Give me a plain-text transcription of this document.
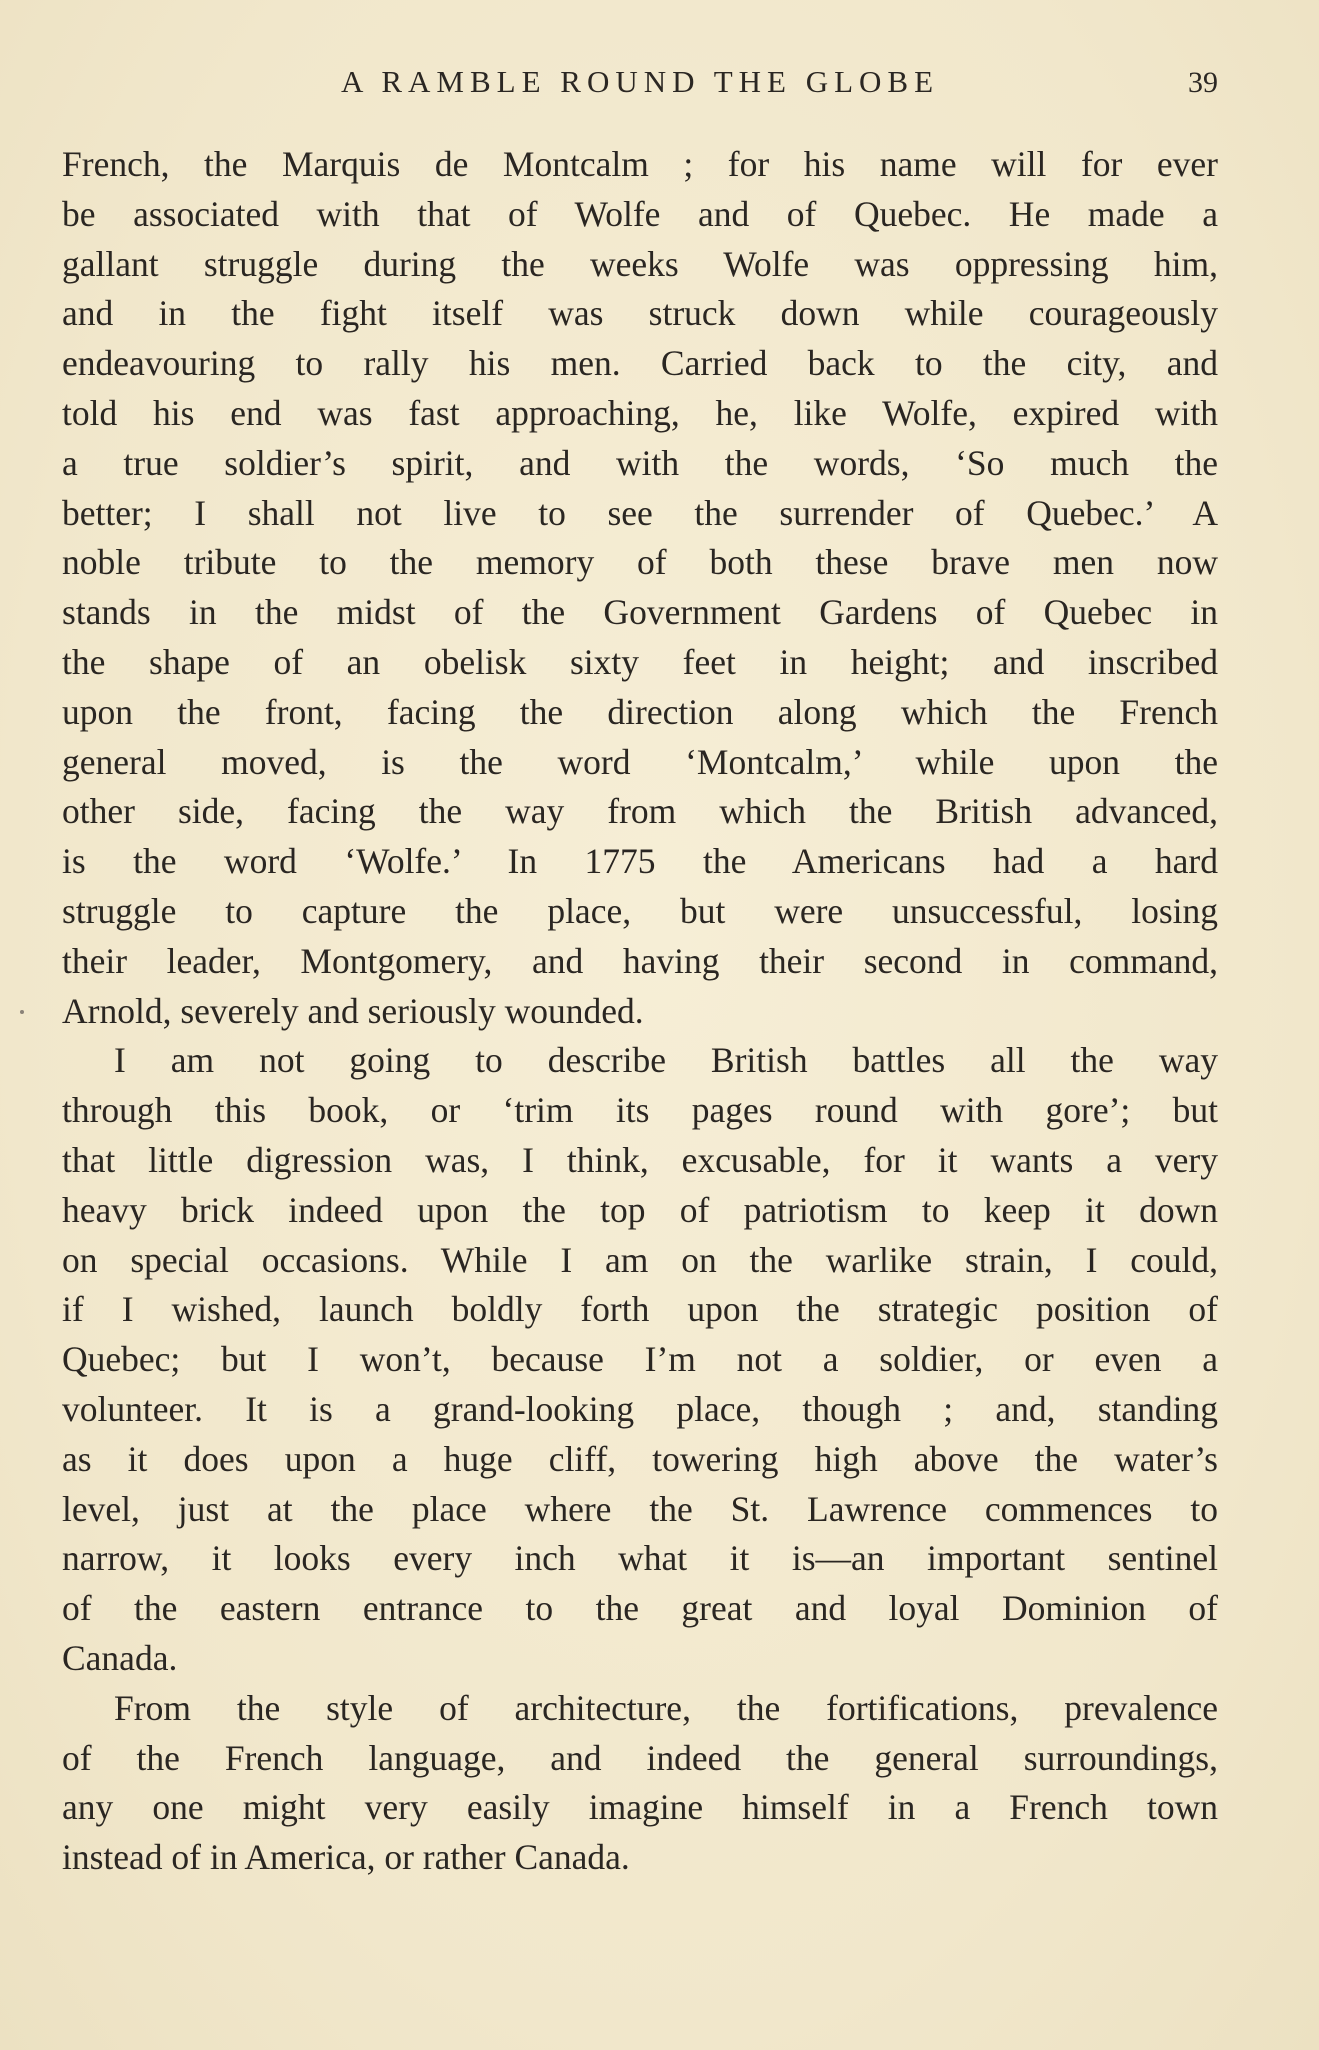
A RAMBLE ROUND THE GLOBE	39
French, the Marquis de Montcalm ; for his name will for ever
be associated with that of Wolfe and of Quebec. He made a
gallant struggle during the weeks Wolfe was oppressing him,
and in the fight itself was struck down while courageously
endeavouring to rally his men. Carried back to the city, and
told his end was fast approaching, he, like Wolfe, expired with
a true soldier’s spirit, and with the words, ‘So much the
better; I shall not live to see the surrender of Quebec.’ A
noble tribute to the memory of both these brave men now
stands in the midst of the Government Gardens of Quebec in
the shape of an obelisk sixty feet in height; and inscribed
upon the front, facing the direction along which the French
general moved, is the word ‘Montcalm,’ while upon the
other side, facing the way from which the British advanced,
is the word ‘Wolfe.’ In 1775 the Americans had a hard
struggle to capture the place, but were unsuccessful, losing
their leader, Montgomery, and having their second in command,
Arnold, severely and seriously wounded.
I am not going to describe British battles all the way
through this book, or ‘trim its pages round with gore’; but
that little digression was, I think, excusable, for it wants a very
heavy brick indeed upon the top of patriotism to keep it down
on special occasions. While I am on the warlike strain, I could,
if I wished, launch boldly forth upon the strategic position of
Quebec; but I won’t, because I’m not a soldier, or even a
volunteer. It is a grand-looking place, though ; and, standing
as it does upon a huge cliff, towering high above the water’s
level, just at the place where the St. Lawrence commences to
narrow, it looks every inch what it is—an important sentinel
of the eastern entrance to the great and loyal Dominion of
Canada.
From the style of architecture, the fortifications, prevalence
of the French language, and indeed the general surroundings,
any one might very easily imagine himself in a French town
instead of in America, or rather Canada.
